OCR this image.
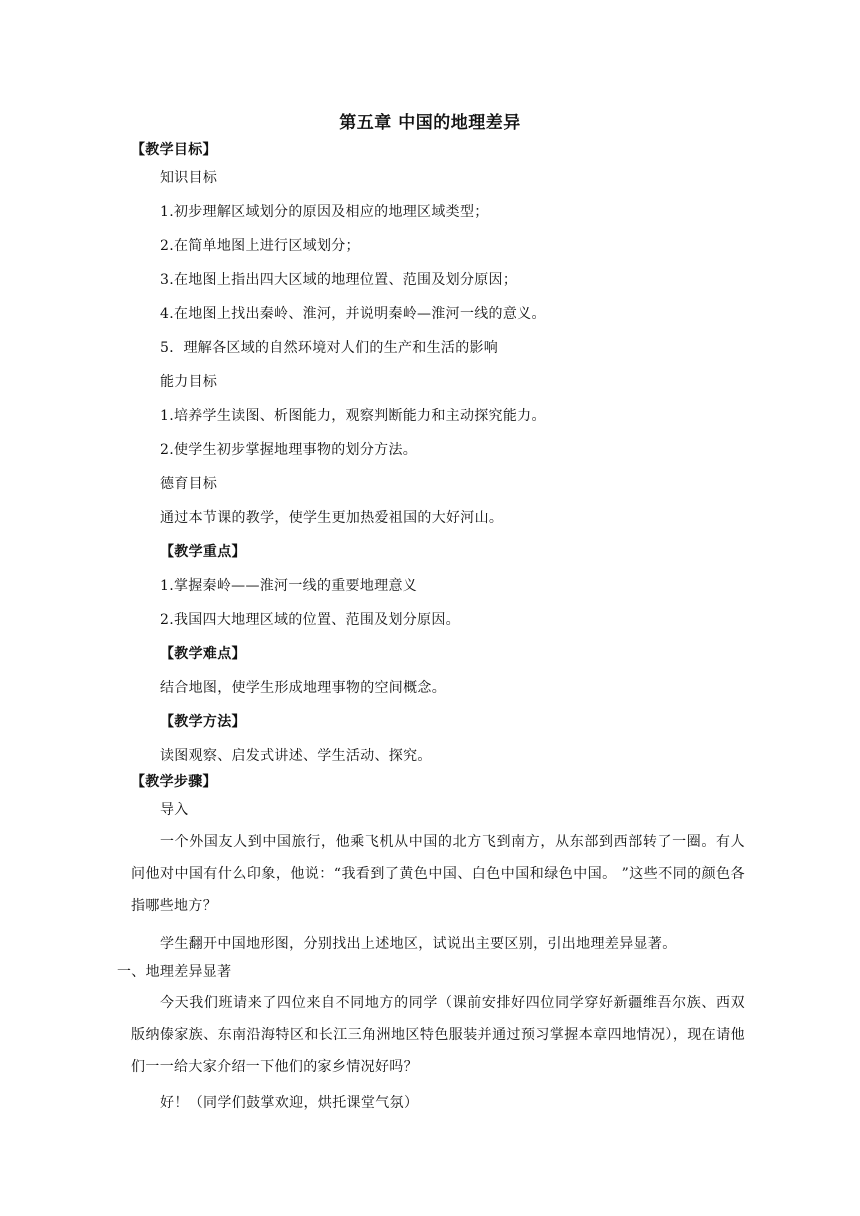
第五章 中国的地理差异
【教学目标】
知识目标
1.初步理解区域划分的原因及相应的地理区域类型；
2.在简单地图上进行区域划分；
3.在地图上指出四大区域的地理位置、范围及划分原因；
4.在地图上找出秦岭、淮河，并说明秦岭—淮河一线的意义。
5．理解各区域的自然环境对人们的生产和生活的影响
能力目标
1.培养学生读图、析图能力，观察判断能力和主动探究能力。
2.使学生初步掌握地理事物的划分方法。
德育目标
通过本节课的教学，使学生更加热爱祖国的大好河山。
【教学重点】
1.掌握秦岭——淮河一线的重要地理意义
2.我国四大地理区域的位置、范围及划分原因。
【教学难点】
结合地图，使学生形成地理事物的空间概念。
【教学方法】
读图观察、启发式讲述、学生活动、探究。
【教学步骤】
导入
一个外国友人到中国旅行，他乘飞机从中国的北方飞到南方，从东部到西部转了一圈。有人问他对中国有什么印象，他说：“我看到了黄色中国、白色中国和绿色中国。 ”这些不同的颜色各指哪些地方？
学生翻开中国地形图，分别找出上述地区，试说出主要区别，引出地理差异显著。
一、地理差异显著
今天我们班请来了四位来自不同地方的同学（课前安排好四位同学穿好新疆维吾尔族、西双版纳傣家族、东南沿海特区和长江三角洲地区特色服装并通过预习掌握本章四地情况），现在请他们一一给大家介绍一下他们的家乡情况好吗？
好！（同学们鼓掌欢迎，烘托课堂气氛）
